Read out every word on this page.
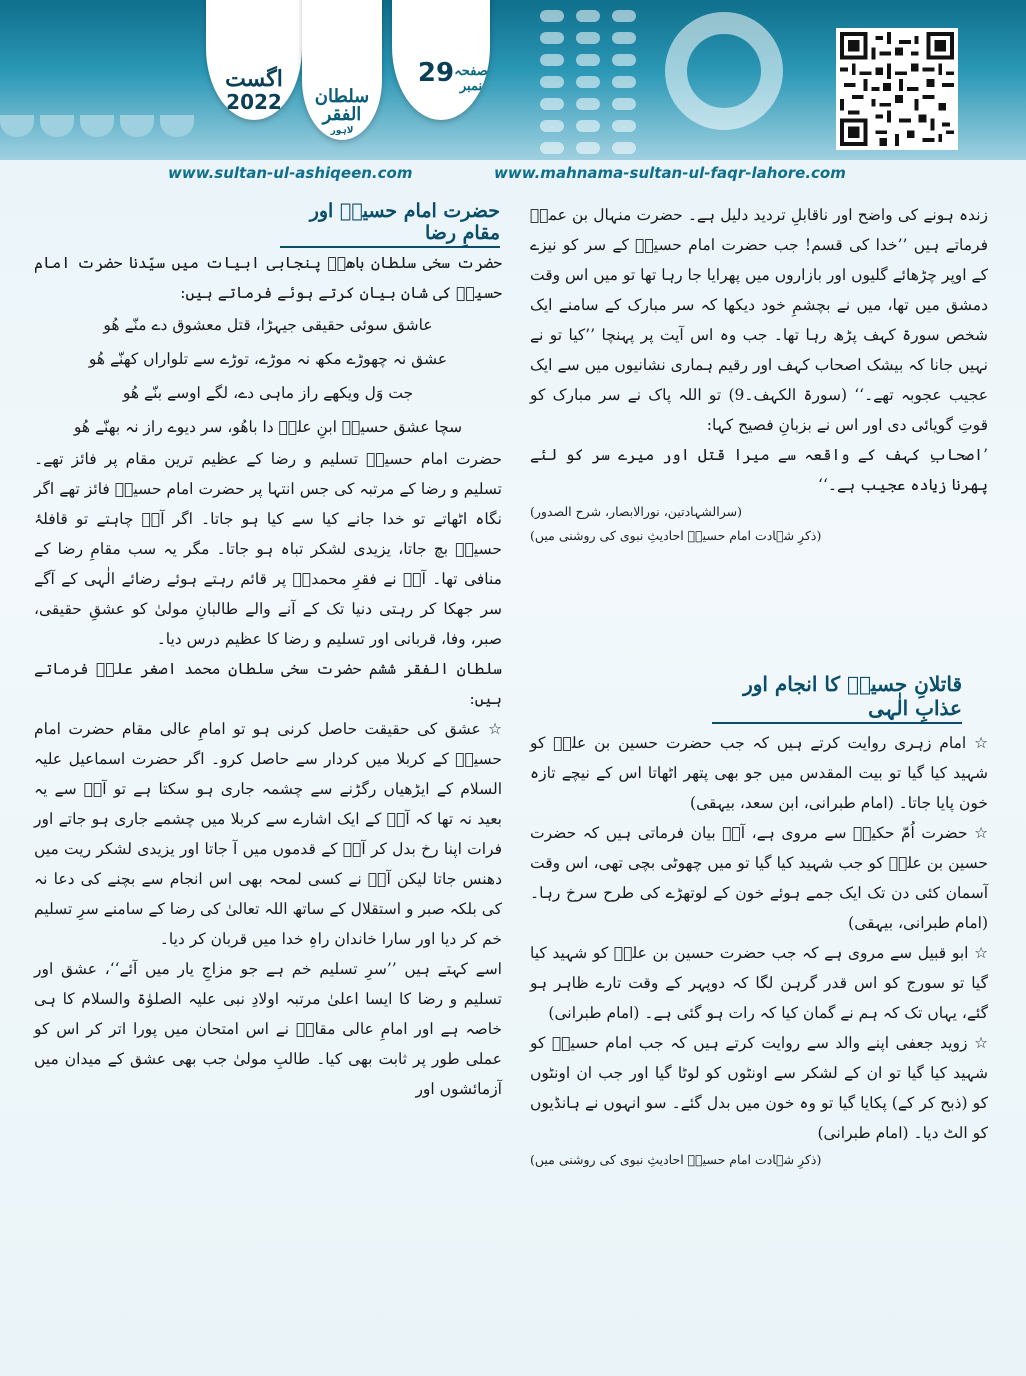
اگست
2022	سلطان الفقر
لاہور
29 صفحہ نمبر
www.sultan-ul-ashiqeen.com	www.mahnama-sultan-ul-faqr-lahore.com
حضرت امام حسینؓ اور مقامِ رضا

حضرت سخی سلطان باھوؒ پنجابی ابیات میں سیّدنا حضرت امام حسینؓ کی شان بیان کرتے ہوئے فرماتے ہیں:

عاشق سوئی حقیقی جیہڑا، قتل معشوق دے منّے ھُو
عشق نہ چھوڑے مکھ نہ موڑے، توڑے سے تلواراں کھنّے ھُو
جت وَل ویکھے راز ماہی دے، لگے اوسے بنّے ھُو
سچا عشق حسینؓ ابنِ علیؓ دا باھُو، سر دیوے راز نہ بھنّے ھُو

حضرت امام حسینؓ تسلیم و رضا کے عظیم ترین مقام پر فائز تھے۔ تسلیم و رضا کے مرتبہ کی جس انتہا پر حضرت امام حسینؓ فائز تھے اگر نگاہ اٹھاتے تو خدا جانے کیا سے کیا ہو جاتا۔ اگر آپؓ چاہتے تو قافلۂ حسینؓ بچ جاتا، یزیدی لشکر تباہ ہو جاتا۔ مگر یہ سب مقامِ رضا کے منافی تھا۔ آپؓ نے فقرِ محمدیؐ پر قائم رہتے ہوئے رضائے الٰہی کے آگے سر جھکا کر رہتی دنیا تک کے آنے والے طالبانِ مولیٰ کو عشقِ حقیقی، صبر، وفا، قربانی اور تسلیم و رضا کا عظیم درس دیا۔

سلطان الفقر ششم حضرت سخی سلطان محمد اصغر علیؒ فرماتے ہیں:

☆ عشق کی حقیقت حاصل کرنی ہو تو امامِ عالی مقام حضرت امام حسینؓ کے کربلا میں کردار سے حاصل کرو۔ اگر حضرت اسماعیل علیہ السلام کے ایڑھیاں رگڑنے سے چشمہ جاری ہو سکتا ہے تو آپؓ سے یہ بعید نہ تھا کہ آپؓ کے ایک اشارے سے کربلا میں چشمے جاری ہو جاتے اور فرات اپنا رخ بدل کر آپؓ کے قدموں میں آ جاتا اور یزیدی لشکر ریت میں دھنس جاتا لیکن آپؓ نے کسی لمحہ بھی اس انجام سے بچنے کی دعا نہ کی بلکہ صبر و استقلال کے ساتھ اللہ تعالیٰ کی رضا کے سامنے سرِ تسلیم خم کر دیا اور سارا خاندان راہِ خدا میں قربان کر دیا۔

اسے کہتے ہیں ’’سرِ تسلیم خم ہے جو مزاجِ یار میں آئے‘‘، عشق اور تسلیم و رضا کا ایسا اعلیٰ مرتبہ اولادِ نبی علیہ الصلوٰۃ والسلام کا ہی خاصہ ہے اور امامِ عالی مقامؓ نے اس امتحان میں پورا اتر کر اس کو عملی طور پر ثابت بھی کیا۔ طالبِ مولیٰ جب بھی عشق کے میدان میں آزمائشوں اور

زندہ ہونے کی واضح اور ناقابلِ تردید دلیل ہے۔ حضرت منہال بن عمرؓ فرماتے ہیں ’’خدا کی قسم! جب حضرت امام حسینؓ کے سر کو نیزے کے اوپر چڑھائے گلیوں اور بازاروں میں پھرایا جا رہا تھا تو میں اس وقت دمشق میں تھا، میں نے بچشمِ خود دیکھا کہ سر مبارک کے سامنے ایک شخص سورۃ کہف پڑھ رہا تھا۔ جب وہ اس آیت پر پہنچا ’’کیا تو نے نہیں جانا کہ بیشک اصحاب کہف اور رقیم ہماری نشانیوں میں سے ایک عجیب عجوبہ تھے۔‘‘ (سورۃ الکہف۔9) تو اللہ پاک نے سر مبارک کو قوتِ گویائی دی اور اس نے بزبانِ فصیح کہا:

’اصحابِ کہف کے واقعہ سے میرا قتل اور میرے سر کو لئے پھرنا زیادہ عجیب ہے۔‘‘

(سرالشہادتین، نورالابصار، شرح الصدور)

(ذکرِ شہادت امام حسینؓ احادیثِ نبوی کی روشنی میں)

قاتلانِ حسینؓ کا انجام اور عذابِ الٰہی

☆ امام زہری روایت کرتے ہیں کہ جب حضرت حسین بن علیؓ کو شہید کیا گیا تو بیت المقدس میں جو بھی پتھر اٹھاتا اس کے نیچے تازہ خون پایا جاتا۔ (امام طبرانی، ابن سعد، بیہقی)

☆ حضرت اُمّ حکیمؓ سے مروی ہے، آپؓ بیان فرماتی ہیں کہ حضرت حسین بن علیؓ کو جب شہید کیا گیا تو میں چھوٹی بچی تھی، اس وقت آسمان کئی دن تک ایک جمے ہوئے خون کے لوتھڑے کی طرح سرخ رہا۔ (امام طبرانی، بیہقی)

☆ ابو قبیل سے مروی ہے کہ جب حضرت حسین بن علیؓ کو شہید کیا گیا تو سورج کو اس قدر گرہن لگا کہ دوپہر کے وقت تارے ظاہر ہو گئے، یہاں تک کہ ہم نے گمان کیا کہ رات ہو گئی ہے۔ (امام طبرانی)

☆ زوید جعفی اپنے والد سے روایت کرتے ہیں کہ جب امام حسینؓ کو شہید کیا گیا تو ان کے لشکر سے اونٹوں کو لوٹا گیا اور جب ان اونٹوں کو (ذبح کر کے) پکایا گیا تو وہ خون میں بدل گئے۔ سو انہوں نے ہانڈیوں کو الٹ دیا۔ (امام طبرانی)

(ذکرِ شہادت امام حسینؓ احادیثِ نبوی کی روشنی میں)
